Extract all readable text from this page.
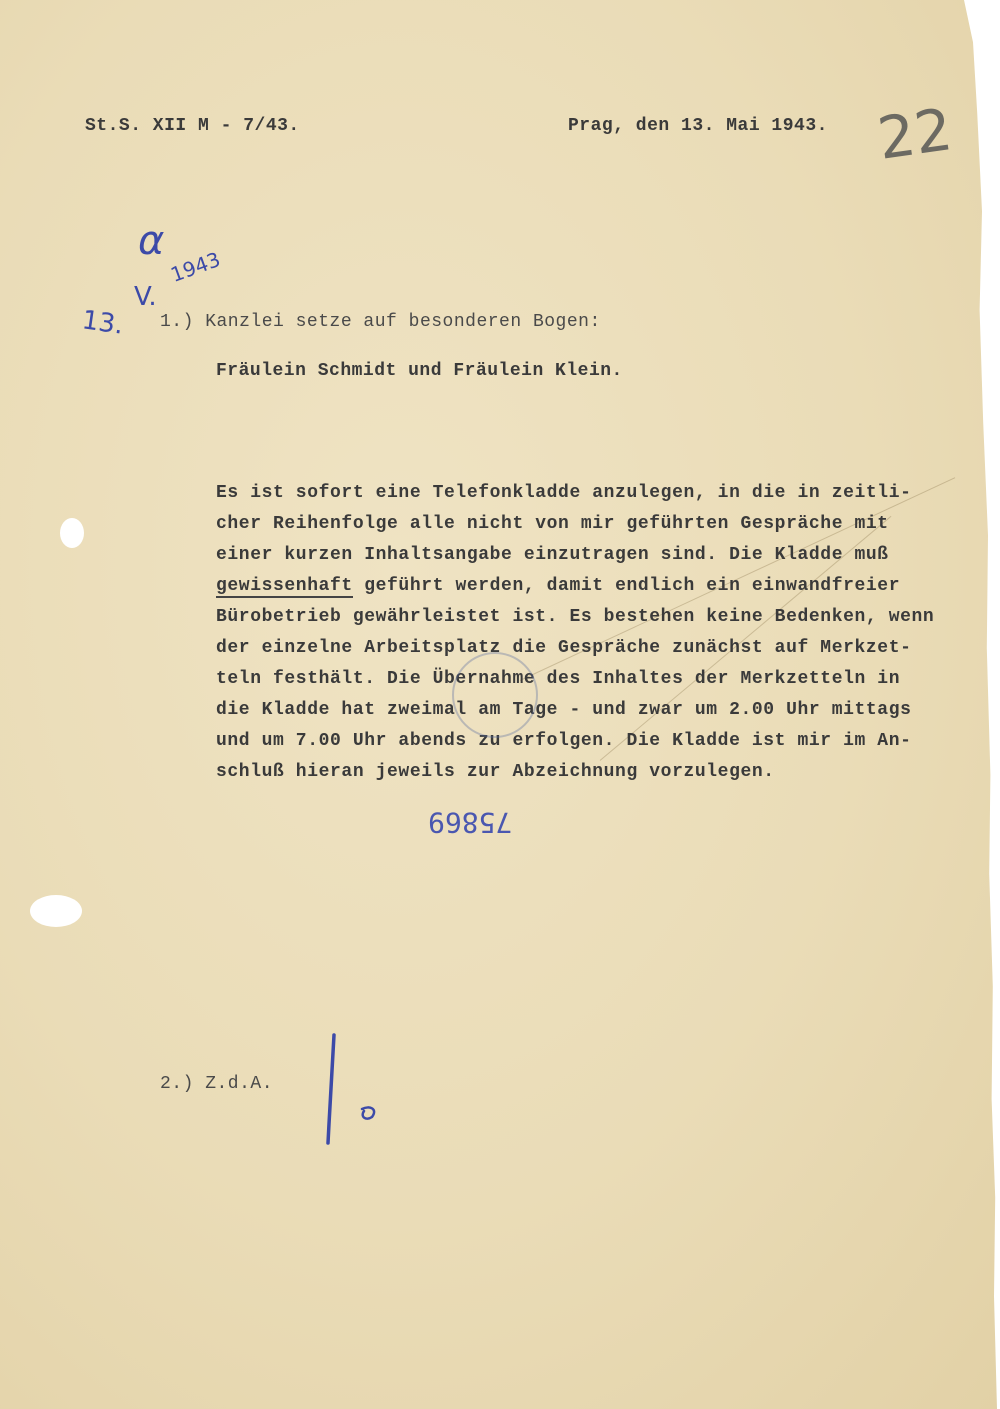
St.S. XII M - 7/43.	Prag, den 13. Mai 1943. 22
α
1943
13.
V.
1.) Kanzlei setze auf besonderen Bogen:
Fräulein Schmidt und Fräulein Klein.
Es ist sofort eine Telefonkladde anzulegen, in die in zeitli-
cher Reihenfolge alle nicht von mir geführten Gespräche mit
einer kurzen Inhaltsangabe einzutragen sind. Die Kladde muß
gewissenhaft geführt werden, damit endlich ein einwandfreier
Bürobetrieb gewährleistet ist. Es bestehen keine Bedenken, wenn
der einzelne Arbeitsplatz die Gespräche zunächst auf Merkzet-
teln festhält. Die Übernahme des Inhaltes der Merkzetteln in
die Kladde hat zweimal am Tage - und zwar um 2.00 Uhr mittags
und um 7.00 Uhr abends zu erfolgen. Die Kladde ist mir im An-
schluß hieran jeweils zur Abzeichnung vorzulegen.
75869
2.) Z.d.A.
